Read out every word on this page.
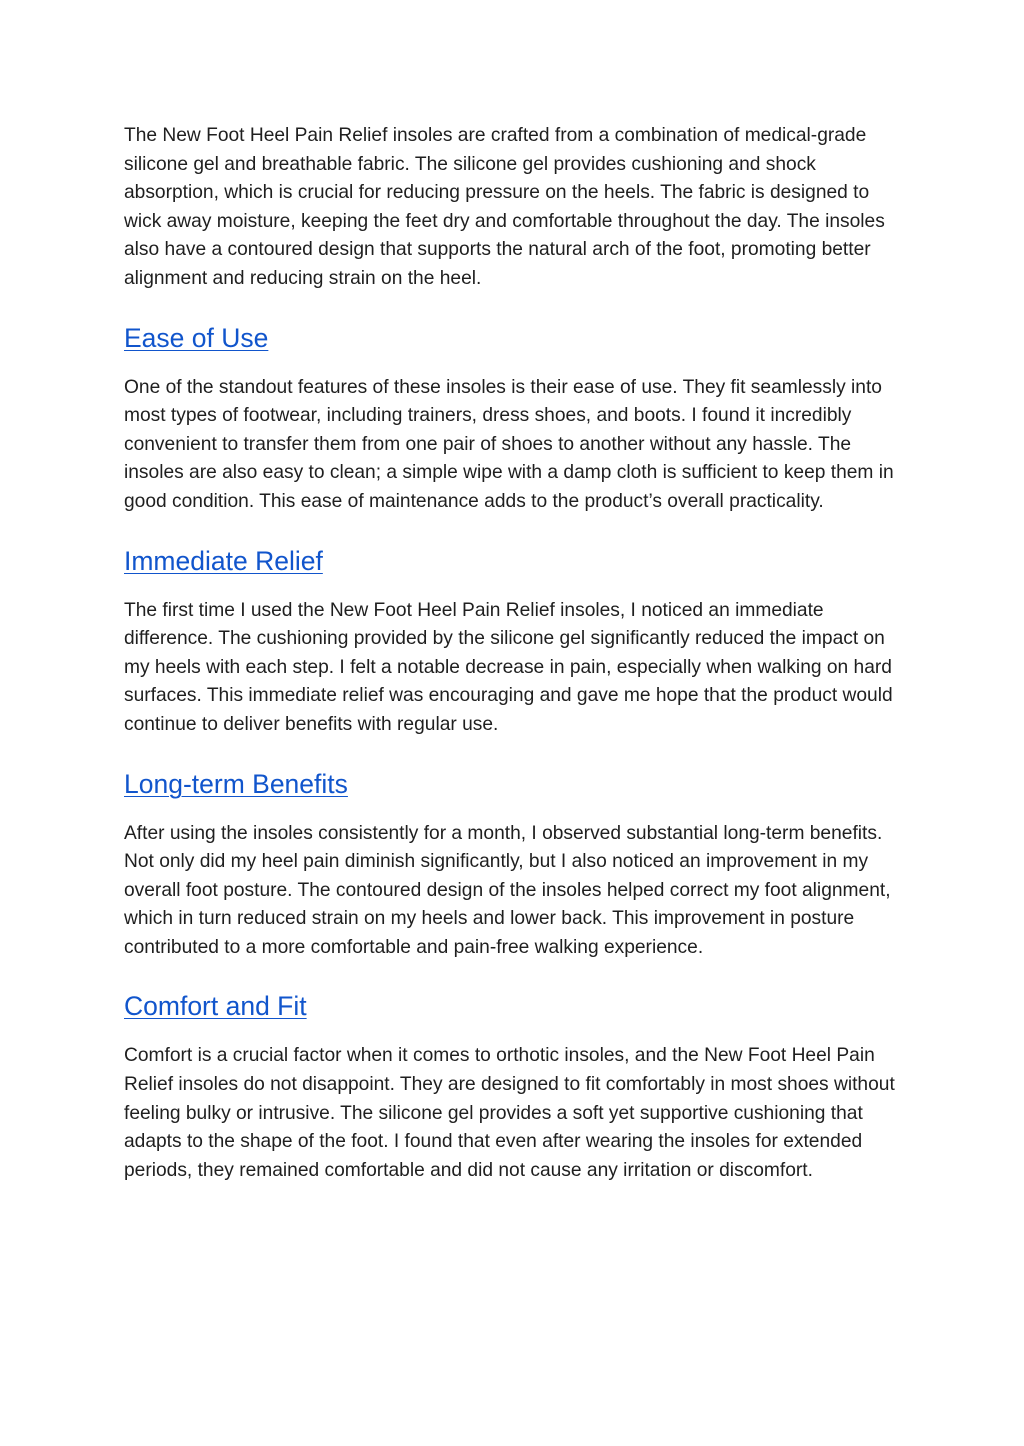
The New Foot Heel Pain Relief insoles are crafted from a combination of medical-grade silicone gel and breathable fabric. The silicone gel provides cushioning and shock absorption, which is crucial for reducing pressure on the heels. The fabric is designed to wick away moisture, keeping the feet dry and comfortable throughout the day. The insoles also have a contoured design that supports the natural arch of the foot, promoting better alignment and reducing strain on the heel.

Ease of Use

One of the standout features of these insoles is their ease of use. They fit seamlessly into most types of footwear, including trainers, dress shoes, and boots. I found it incredibly convenient to transfer them from one pair of shoes to another without any hassle. The insoles are also easy to clean; a simple wipe with a damp cloth is sufficient to keep them in good condition. This ease of maintenance adds to the product’s overall practicality.

Immediate Relief

The first time I used the New Foot Heel Pain Relief insoles, I noticed an immediate difference. The cushioning provided by the silicone gel significantly reduced the impact on my heels with each step. I felt a notable decrease in pain, especially when walking on hard surfaces. This immediate relief was encouraging and gave me hope that the product would continue to deliver benefits with regular use.

Long-term Benefits

After using the insoles consistently for a month, I observed substantial long-term benefits. Not only did my heel pain diminish significantly, but I also noticed an improvement in my overall foot posture. The contoured design of the insoles helped correct my foot alignment, which in turn reduced strain on my heels and lower back. This improvement in posture contributed to a more comfortable and pain-free walking experience.

Comfort and Fit

Comfort is a crucial factor when it comes to orthotic insoles, and the New Foot Heel Pain Relief insoles do not disappoint. They are designed to fit comfortably in most shoes without feeling bulky or intrusive. The silicone gel provides a soft yet supportive cushioning that adapts to the shape of the foot. I found that even after wearing the insoles for extended periods, they remained comfortable and did not cause any irritation or discomfort.
